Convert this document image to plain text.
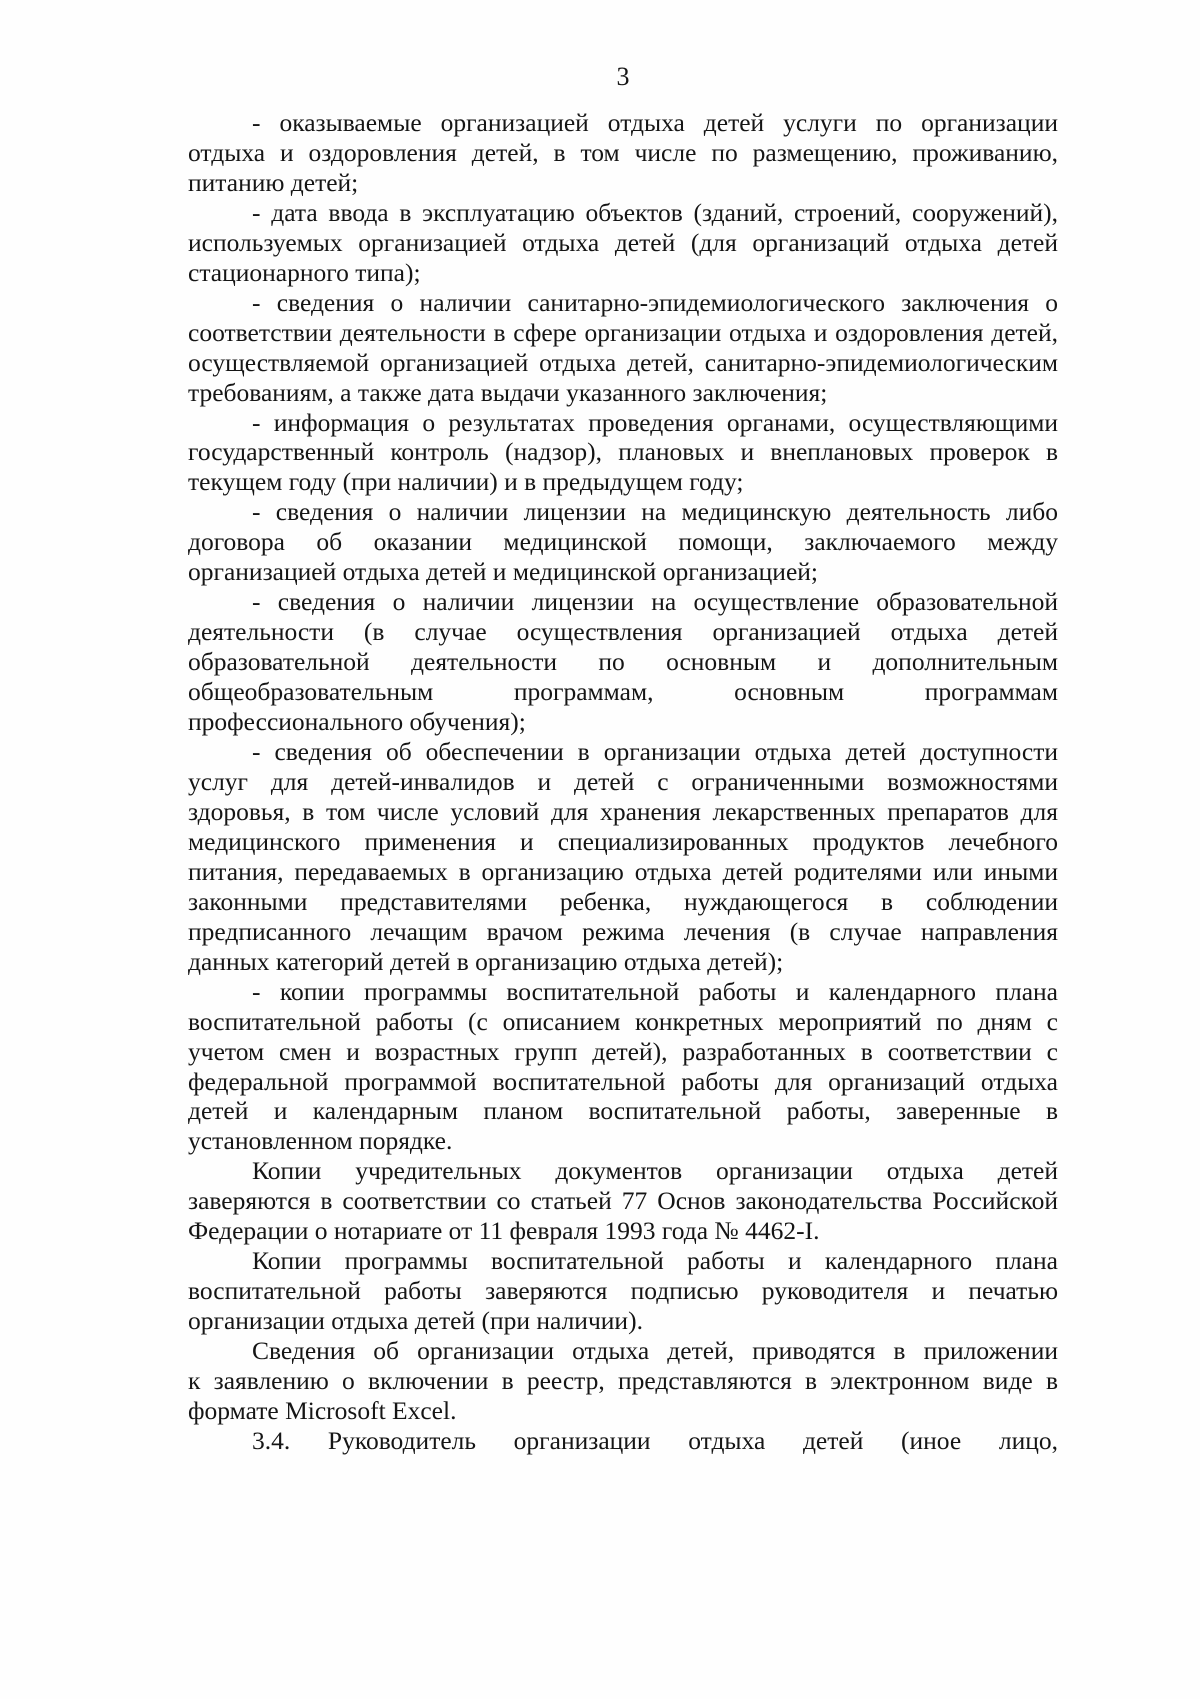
3
- оказываемые организацией отдыха детей услуги по организации
отдыха и оздоровления детей, в том числе по размещению, проживанию,
питанию детей;
- дата ввода в эксплуатацию объектов (зданий, строений, сооружений),
используемых организацией отдыха детей (для организаций отдыха детей
стационарного типа);
- сведения о наличии санитарно-эпидемиологического заключения о
соответствии деятельности в сфере организации отдыха и оздоровления детей,
осуществляемой организацией отдыха детей, санитарно-эпидемиологическим
требованиям, а также дата выдачи указанного заключения;
- информация о результатах проведения органами, осуществляющими
государственный контроль (надзор), плановых и внеплановых проверок в
текущем году (при наличии) и в предыдущем году;
- сведения о наличии лицензии на медицинскую деятельность либо
договора об оказании медицинской помощи, заключаемого между
организацией отдыха детей и медицинской организацией;
- сведения о наличии лицензии на осуществление образовательной
деятельности (в случае осуществления организацией отдыха детей
образовательной деятельности по основным и дополнительным
общеобразовательным программам, основным программам
профессионального обучения);
- сведения об обеспечении в организации отдыха детей доступности
услуг для детей-инвалидов и детей с ограниченными возможностями
здоровья, в том числе условий для хранения лекарственных препаратов для
медицинского применения и специализированных продуктов лечебного
питания, передаваемых в организацию отдыха детей родителями или иными
законными представителями ребенка, нуждающегося в соблюдении
предписанного лечащим врачом режима лечения (в случае направления
данных категорий детей в организацию отдыха детей);
- копии программы воспитательной работы и календарного плана
воспитательной работы (с описанием конкретных мероприятий по дням с
учетом смен и возрастных групп детей), разработанных в соответствии с
федеральной программой воспитательной работы для организаций отдыха
детей и календарным планом воспитательной работы, заверенные в
установленном порядке.
Копии учредительных документов организации отдыха детей
заверяются в соответствии со статьей 77 Основ законодательства Российской
Федерации о нотариате от 11 февраля 1993 года № 4462-I.
Копии программы воспитательной работы и календарного плана
воспитательной работы заверяются подписью руководителя и печатью
организации отдыха детей (при наличии).
Сведения об организации отдыха детей, приводятся в приложении
к заявлению о включении в реестр, представляются в электронном виде в
формате Microsoft Excel.
3.4. Руководитель организации отдыха детей (иное лицо,
